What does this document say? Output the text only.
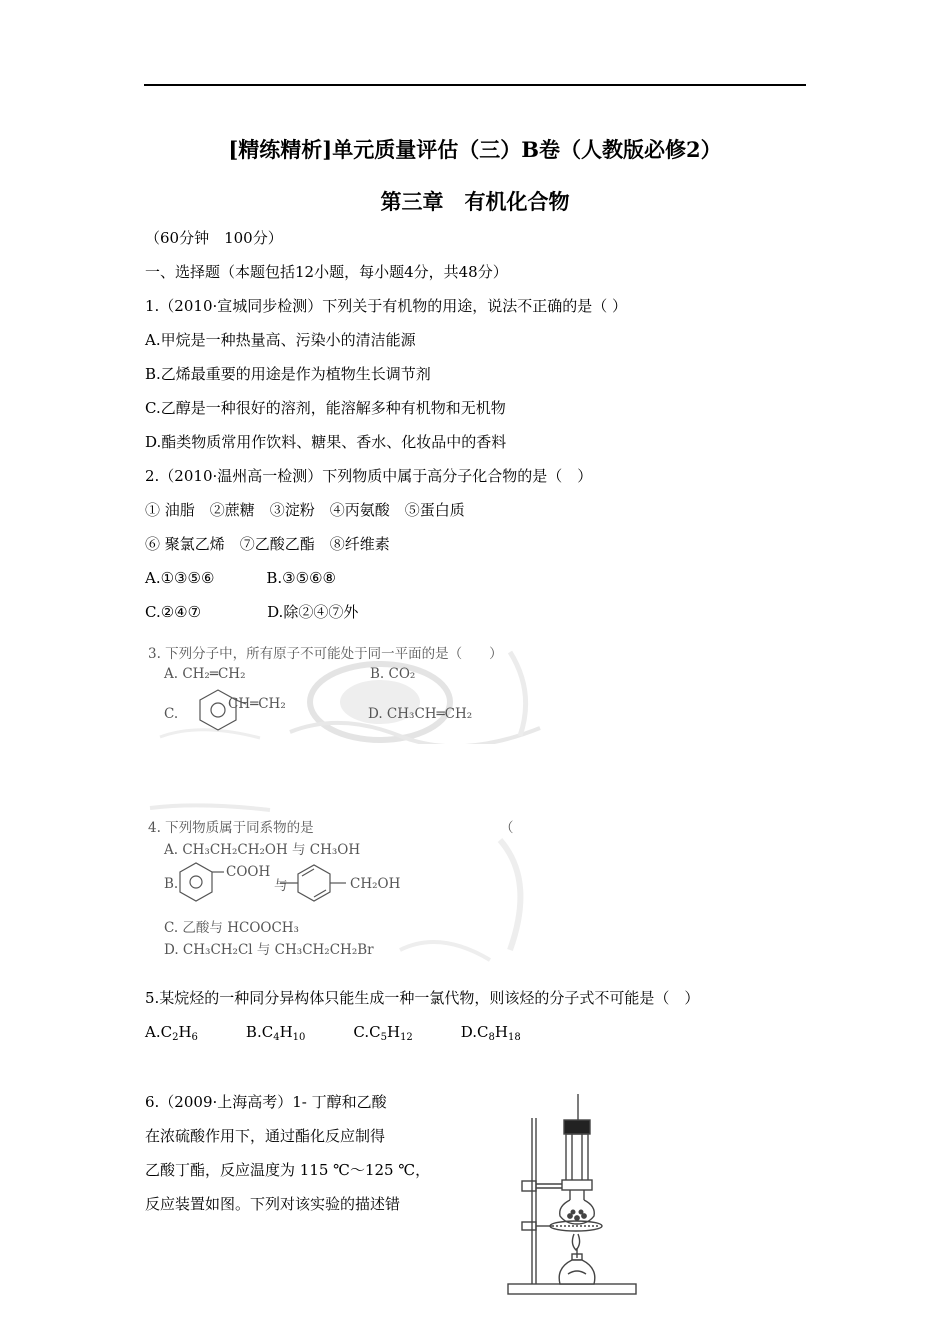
[精练精析]单元质量评估（三）B卷（人教版必修2）
第三章　有机化合物
（60分钟　100分）
一、选择题（本题包括12小题，每小题4分，共48分）
1.（2010·宣城同步检测）下列关于有机物的用途，说法不正确的是（ ）
A.甲烷是一种热量高、污染小的清洁能源
B.乙烯最重要的用途是作为植物生长调节剂
C.乙醇是一种很好的溶剂，能溶解多种有机物和无机物
D.酯类物质常用作饮料、糖果、香水、化妆品中的香料
2.（2010·温州高一检测）下列物质中属于高分子化合物的是（　）
① 油脂　②蔗糖　③淀粉　④丙氨酸　⑤蛋白质
⑥ 聚氯乙烯　⑦乙酸乙酯　⑧纤维素
A.①③⑤⑥	B.③⑤⑥⑧
C.②④⑦	D.除②④⑦外
3. 下列分子中，所有原子不可能处于同一平面的是（　　）
A. CH₂═CH₂	B. CO₂
C.
CH═CH₂
D. CH₃CH═CH₂
4. 下列物质属于同系物的是	（
A. CH₃CH₂CH₂OH 与 CH₃OH
B.
COOH
与	CH₂OH
C. 乙酸与 HCOOCH₃
D. CH₃CH₂Cl 与 CH₃CH₂CH₂Br
5.某烷烃的一种同分异构体只能生成一种一氯代物，则该烃的分子式不可能是（　）
$A.C_2H_6$	$B.C_4H_{10}$	$C.C_5H_{12}$	$D.C_8H_{18}$
6.（2009·上海高考）1- 丁醇和乙酸
在浓硫酸作用下，通过酯化反应制得
乙酸丁酯，反应温度为 115 ℃～125 ℃，
反应装置如图。下列对该实验的描述错
